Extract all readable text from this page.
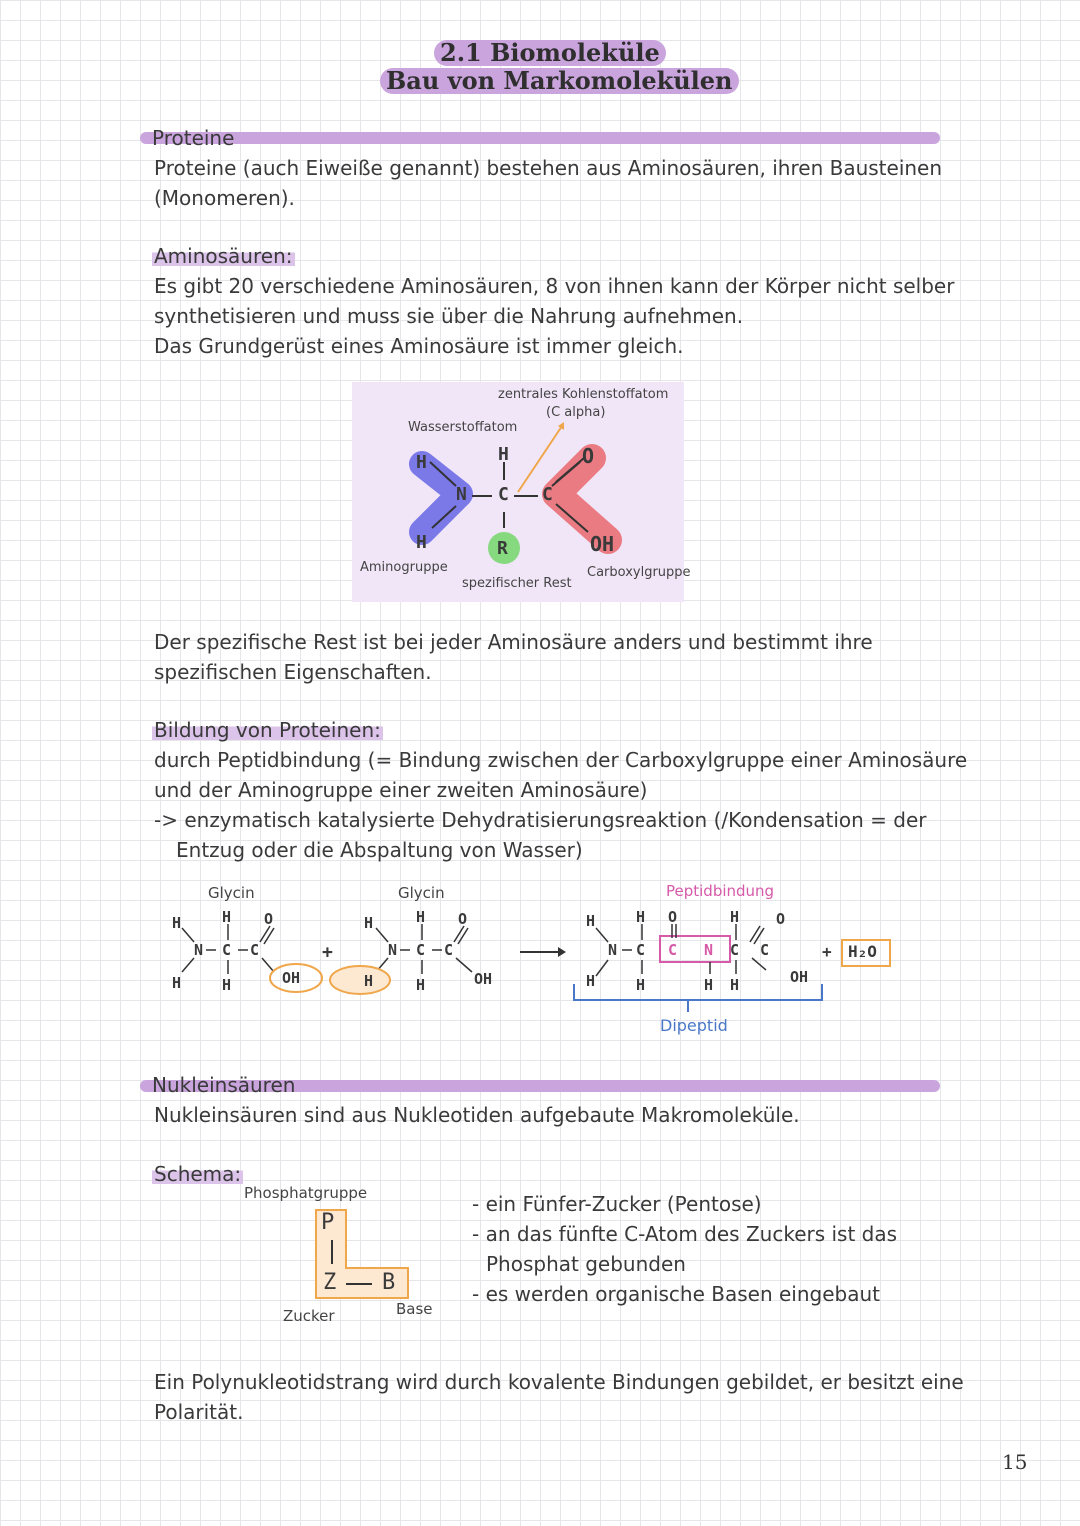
2.1 Biomoleküle
Bau von Markomolekülen
Proteine
Proteine (auch Eiweiße genannt) bestehen aus Aminosäuren, ihren Bausteinen
(Monomeren).
Aminosäuren:
Es gibt 20 verschiedene Aminosäuren, 8 von ihnen kann der Körper nicht selber
synthetisieren und muss sie über die Nahrung aufnehmen.
Das Grundgerüst eines Aminosäure ist immer gleich.
zentrales Kohlenstoffatom
(C alpha)
Wasserstoffatom
H
H
N C C
O
H	R	OH
Aminogruppe
spezifischer Rest
Carboxylgruppe
Der spezifische Rest ist bei jeder Aminosäure anders und bestimmt ihre
spezifischen Eigenschaften.
Bildung von Proteinen:
durch Peptidbindung (= Bindung zwischen der Carboxylgruppe einer Aminosäure
und der Aminogruppe einer zweiten Aminosäure)
-> enzymatisch katalysierte Dehydratisierungsreaktion (/Kondensation = der
Entzug oder die Abspaltung von Wasser)
Glycin	Glycin	Peptidbindung
Dipeptid
+	+ H₂O
H	H O
N C C
H	H	OH
H	H O
N C C
H	H	OH
H	H O	H O
N C C N C C
H	H	H H	OH
Nukleinsäuren
Nukleinsäuren sind aus Nukleotiden aufgebaute Makromoleküle.
Schema:
Phosphatgruppe
P
Z B
Zucker	Base
- ein Fünfer-Zucker (Pentose)
- an das fünfte C-Atom des Zuckers ist das
Phosphat gebunden
- es werden organische Basen eingebaut
Ein Polynukleotidstrang wird durch kovalente Bindungen gebildet, er besitzt eine
Polarität.
15
